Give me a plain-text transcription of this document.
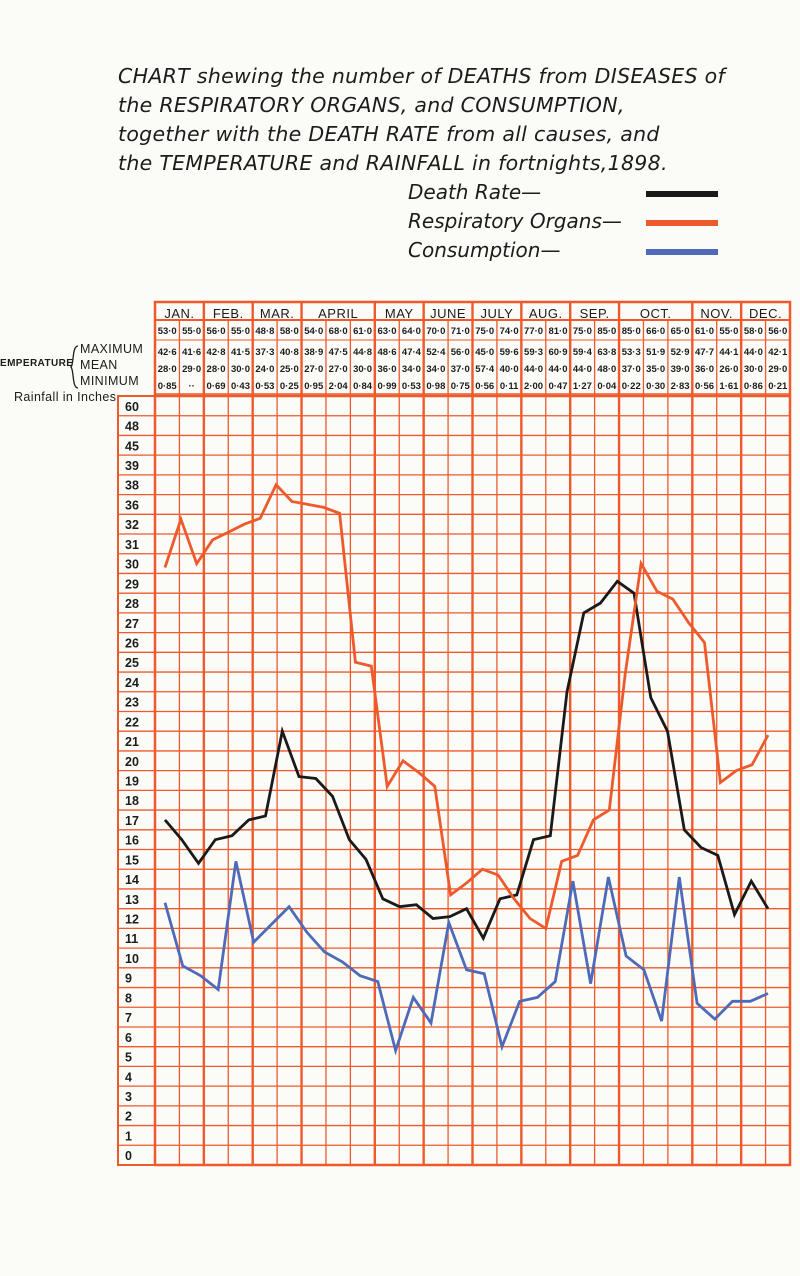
CHART shewing the number of DEATHS from DISEASES of
the RESPIRATORY ORGANS, and CONSUMPTION,
together with the DEATH RATE from all causes, and
the TEMPERATURE and RAINFALL in fortnights,1898.
Death Rate—
Respiratory Organs—
Consumption—
MAXIMUM
EMPERATURE MEAN
MINIMUM
Rainfall in Inches
JAN. FEB. MAR. APRIL MAY JUNE JULY AUG. SEP. OCT. NOV. DEC.
53·0 55·0 56·0 55·0 48·8 58·0 54·0 68·0 61·0 63·0 64·0 70·0 71·0 75·0 74·0 77·0 81·0 75·0 85·0 85·0 66·0 65·0 61·0 55·0 58·0 56·0
42·6 41·6 42·8 41·5 37·3 40·8 38·9 47·5 44·8 48·6 47·4 52·4 56·0 45·0 59·6 59·3 60·9 59·4 63·8 53·3 51·9 52·9 47·7 44·1 44·0 42·1
28·0 29·0 28·0 30·0 24·0 25·0 27·0 27·0 30·0 36·0 34·0 34·0 37·0 57·4 40·0 44·0 44·0 44·0 48·0 37·0 35·0 39·0 36·0 26·0 30·0 29·0
0·85 ·· 0·69 0·43 0·53 0·25 0·95 2·04 0·84 0·99 0·53 0·98 0·75 0·56 0·11 2·00 0·47 1·27 0·04 0·22 0·30 2·83 0·56 1·61 0·86 0·21
60
48
45
39
38
36
32
31
30
29
28
27
26
25
24
23
22
21
20
19
18
17
16
15
14
13
12
11
10
9
8
7
6
5
4
3
2
1
0
